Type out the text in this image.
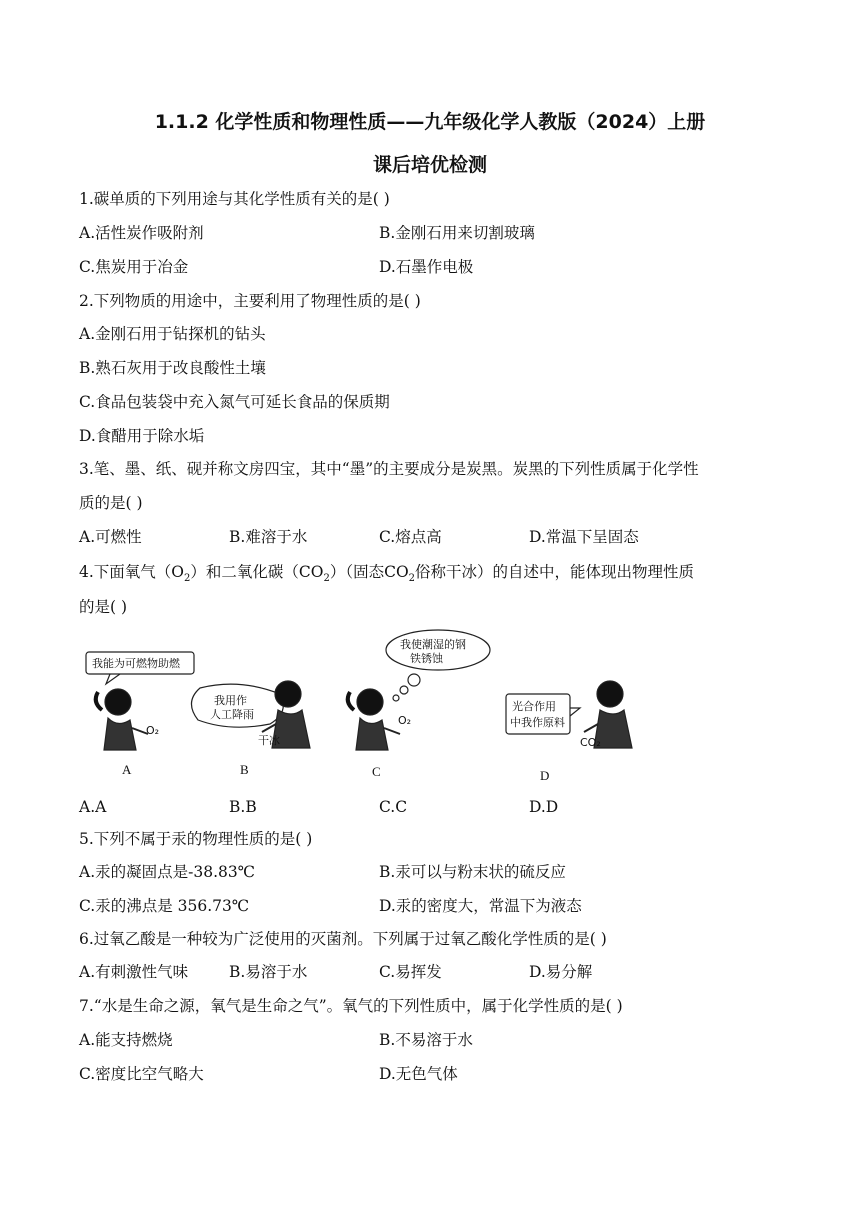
1.1.2 化学性质和物理性质——九年级化学人教版（2024）上册
课后培优检测
1.碳单质的下列用途与其化学性质有关的是( )
A.活性炭作吸附剂	B.金刚石用来切割玻璃
C.焦炭用于冶金	D.石墨作电极
2.下列物质的用途中，主要利用了物理性质的是( )
A.金刚石用于钻探机的钻头
B.熟石灰用于改良酸性土壤
C.食品包装袋中充入氮气可延长食品的保质期
D.食醋用于除水垢
3.笔、墨、纸、砚并称文房四宝，其中“墨”的主要成分是炭黑。炭黑的下列性质属于化学性
质的是( )
A.可燃性	B.难溶于水	C.熔点高	D.常温下呈固态
4.下面氧气$(O_2)$和二氧化碳$(CO_2)$（固态$CO_2$俗称干冰）的自述中，能体现出物理性质
的是( )
我能为可燃物助燃
我用作
人工降雨
我使潮湿的钢
铁锈蚀
光合作用
中我作原料
O₂
干冰
O₂
CO₂
A	B	C	D
A.A	B.B	C.C	D.D
5.下列不属于汞的物理性质的是( )
A.汞的凝固点是-38.83℃	B.汞可以与粉末状的硫反应
C.汞的沸点是 356.73℃	D.汞的密度大，常温下为液态
6.过氧乙酸是一种较为广泛使用的灭菌剂。下列属于过氧乙酸化学性质的是( )
A.有刺激性气味	B.易溶于水	C.易挥发	D.易分解
7.“水是生命之源，氧气是生命之气”。氧气的下列性质中，属于化学性质的是( )
A.能支持燃烧	B.不易溶于水
C.密度比空气略大	D.无色气体
